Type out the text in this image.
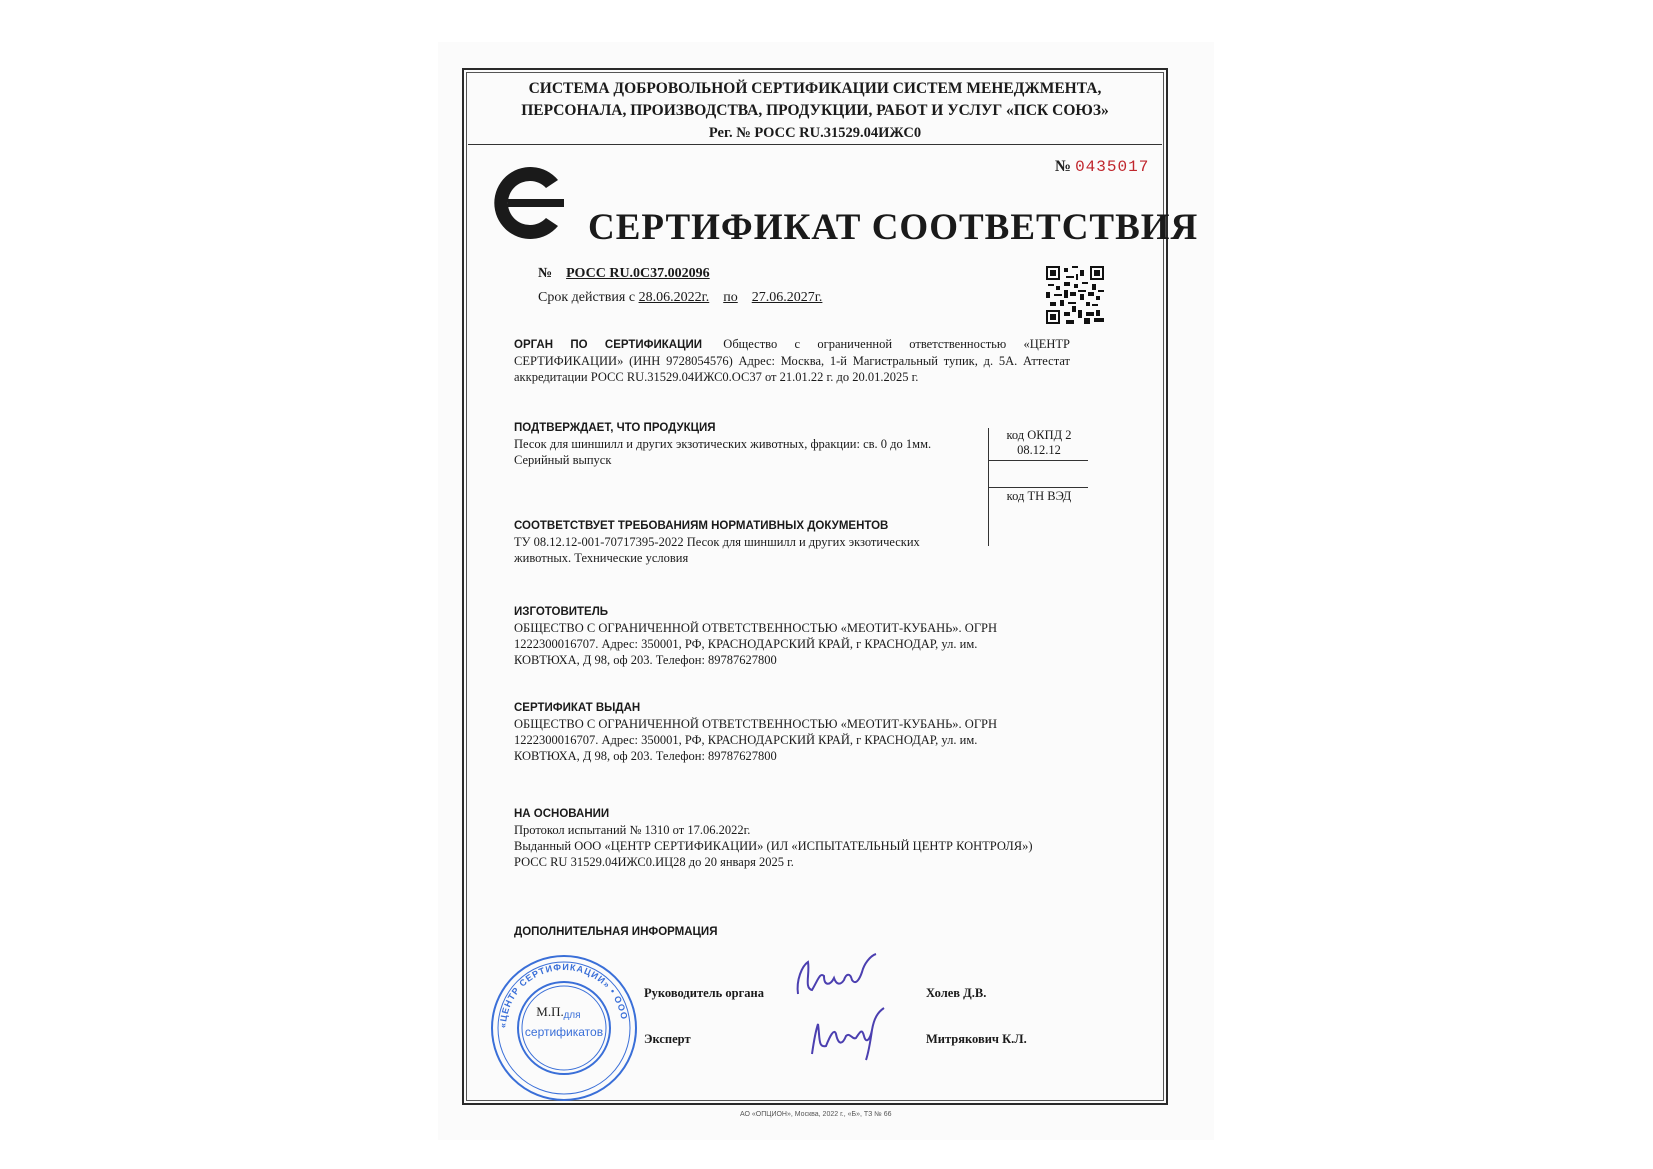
СИСТЕМА ДОБРОВОЛЬНОЙ СЕРТИФИКАЦИИ СИСТЕМ МЕНЕДЖМЕНТА,
ПЕРСОНАЛА, ПРОИЗВОДСТВА, ПРОДУКЦИИ, РАБОТ И УСЛУГ «ПСК СОЮЗ»
Рег. № РОСС RU.31529.04ИЖС0
№ 0435017
СЕРТИФИКАТ СООТВЕТСТВИЯ
№ РОСС RU.0С37.002096
Срок действия с 28.06.2022г. по 27.06.2027г.
ОРГАН ПО СЕРТИФИКАЦИИ Общество с ограниченной ответственностью «ЦЕНТР СЕРТИФИКАЦИИ» (ИНН 9728054576) Адрес: Москва, 1-й Магистральный тупик, д. 5А. Аттестат аккредитации РОСС RU.31529.04ИЖС0.ОС37 от 21.01.22 г. до 20.01.2025 г.
ПОДТВЕРЖДАЕТ, ЧТО ПРОДУКЦИЯ
Песок для шиншилл и других экзотических животных, фракции: св. 0 до 1мм.
Серийный выпуск
код ОКПД 2
08.12.12
код ТН ВЭД
СООТВЕТСТВУЕТ ТРЕБОВАНИЯМ НОРМАТИВНЫХ ДОКУМЕНТОВ
ТУ 08.12.12-001-70717395-2022 Песок для шиншилл и других экзотических животных. Технические условия
ИЗГОТОВИТЕЛЬ
ОБЩЕСТВО С ОГРАНИЧЕННОЙ ОТВЕТСТВЕННОСТЬЮ «МЕОТИТ-КУБАНЬ». ОГРН
1222300016707. Адрес: 350001, РФ, КРАСНОДАРСКИЙ КРАЙ, г КРАСНОДАР, ул. им.
КОВТЮХА, Д 98, оф 203. Телефон: 89787627800
СЕРТИФИКАТ ВЫДАН
ОБЩЕСТВО С ОГРАНИЧЕННОЙ ОТВЕТСТВЕННОСТЬЮ «МЕОТИТ-КУБАНЬ». ОГРН
1222300016707. Адрес: 350001, РФ, КРАСНОДАРСКИЙ КРАЙ, г КРАСНОДАР, ул. им.
КОВТЮХА, Д 98, оф 203. Телефон: 89787627800
НА ОСНОВАНИИ
Протокол испытаний № 1310 от 17.06.2022г.
Выданный ООО «ЦЕНТР СЕРТИФИКАЦИИ» (ИЛ «ИСПЫТАТЕЛЬНЫЙ ЦЕНТР КОНТРОЛЯ»)
РОСС RU 31529.04ИЖС0.ИЦ28 до 20 января 2025 г.
ДОПОЛНИТЕЛЬНАЯ ИНФОРМАЦИЯ
«ЦЕНТР СЕРТИФИКАЦИИ» • ООО
для
сертификатов
М.П.
Руководитель органа	Холев Д.В.
Эксперт	Митрякович К.Л.
АО «ОПЦИОН», Москва, 2022 г., «Б», ТЗ № 66
